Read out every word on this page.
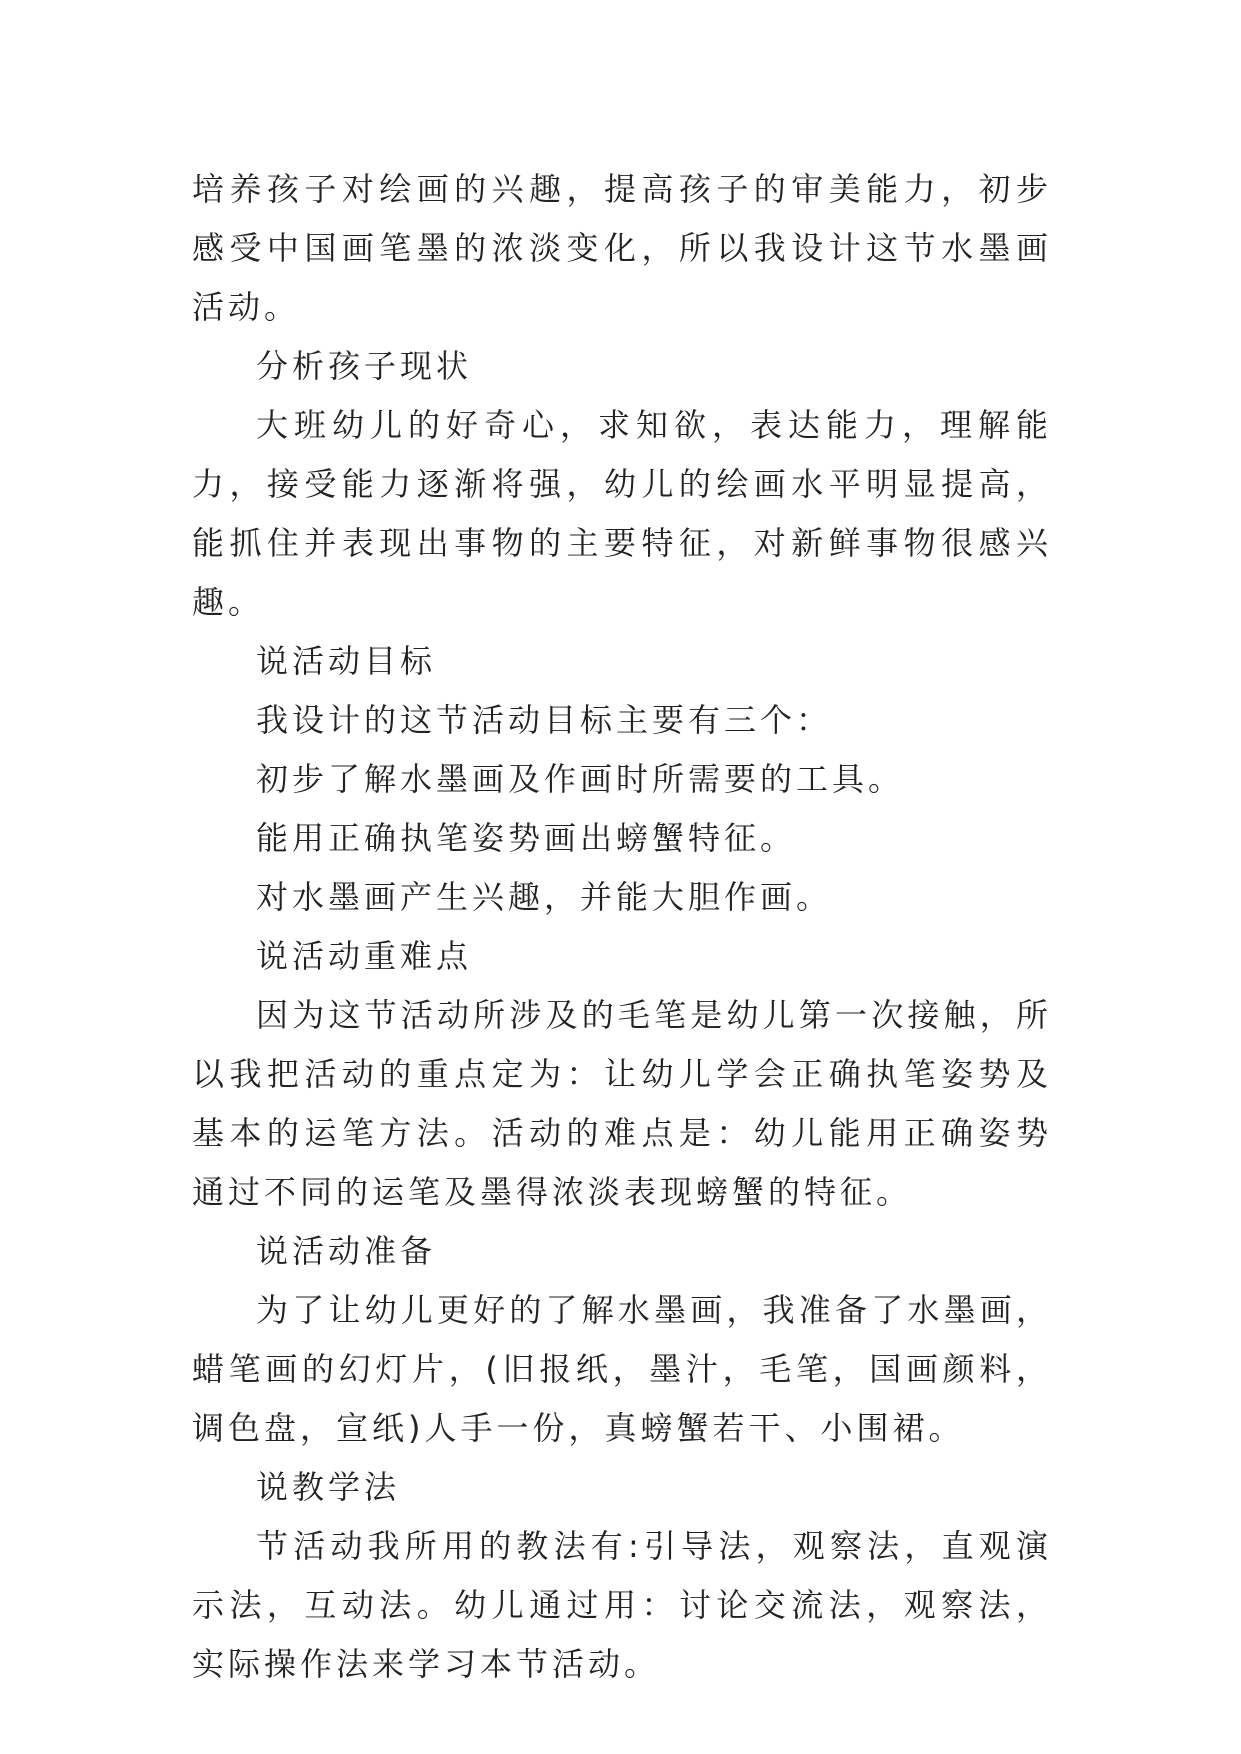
培养孩子对绘画的兴趣，提高孩子的审美能力，初步感受中国画笔墨的浓淡变化，所以我设计这节水墨画活动。

分析孩子现状

大班幼儿的好奇心，求知欲，表达能力，理解能力，接受能力逐渐将强，幼儿的绘画水平明显提高，能抓住并表现出事物的主要特征，对新鲜事物很感兴趣。

说活动目标

我设计的这节活动目标主要有三个：

初步了解水墨画及作画时所需要的工具。

能用正确执笔姿势画出螃蟹特征。

对水墨画产生兴趣，并能大胆作画。

说活动重难点

因为这节活动所涉及的毛笔是幼儿第一次接触，所以我把活动的重点定为：让幼儿学会正确执笔姿势及基本的运笔方法。活动的难点是：幼儿能用正确姿势通过不同的运笔及墨得浓淡表现螃蟹的特征。

说活动准备

为了让幼儿更好的了解水墨画，我准备了水墨画，蜡笔画的幻灯片，(旧报纸，墨汁，毛笔，国画颜料，调色盘，宣纸)人手一份，真螃蟹若干、小围裙。

说教学法

节活动我所用的教法有:引导法，观察法，直观演示法，互动法。幼儿通过用：讨论交流法，观察法，实际操作法来学习本节活动。
